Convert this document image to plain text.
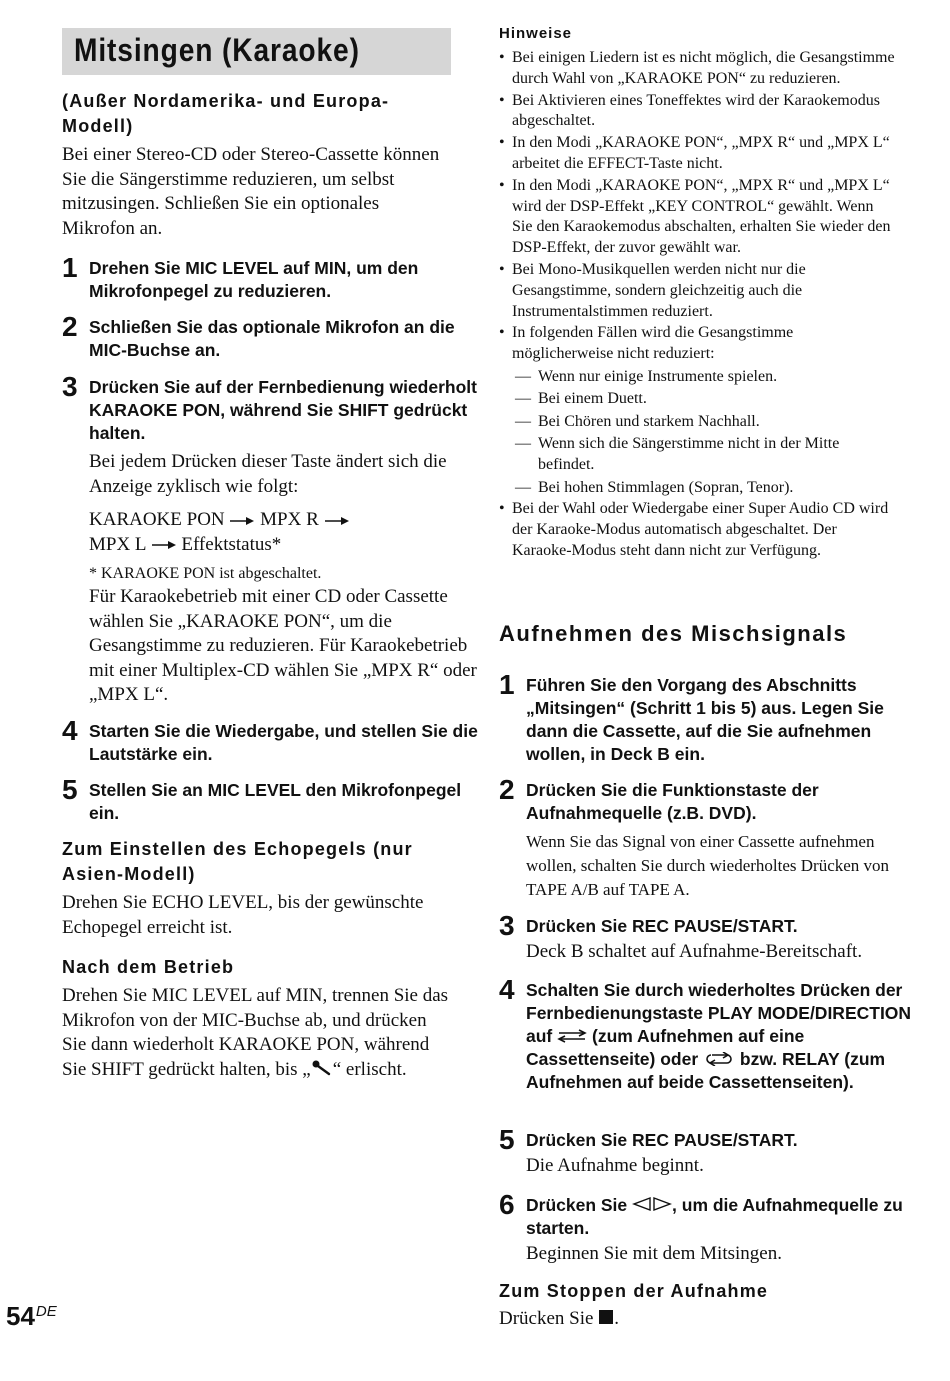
Mitsingen (Karaoke)

(Außer Nordamerika- und Europa-Modell)

Bei einer Stereo-CD oder Stereo-Cassette können Sie die Sängerstimme reduzieren, um selbst mitzusingen. Schließen Sie ein optionales Mikrofon an.

1 Drehen Sie MIC LEVEL auf MIN, um den Mikrofonpegel zu reduzieren.

2 Schließen Sie das optionale Mikrofon an die MIC-Buchse an.

3 Drücken Sie auf der Fernbedienung wiederholt KARAOKE PON, während Sie SHIFT gedrückt halten.

Bei jedem Drücken dieser Taste ändert sich die Anzeige zyklisch wie folgt:

KARAOKE PON MPX R
MPX L Effektstatus*

* KARAOKE PON ist abgeschaltet.

Für Karaokebetrieb mit einer CD oder Cassette wählen Sie „KARAOKE PON“, um die Gesangstimme zu reduzieren. Für Karaokebetrieb mit einer Multiplex-CD wählen Sie „MPX R“ oder „MPX L“.

4 Starten Sie die Wiedergabe, und stellen Sie die Lautstärke ein.

5 Stellen Sie an MIC LEVEL den Mikrofonpegel ein.

Zum Einstellen des Echopegels (nur Asien-Modell)

Drehen Sie ECHO LEVEL, bis der gewünschte Echopegel erreicht ist.

Nach dem Betrieb

Drehen Sie MIC LEVEL auf MIN, trennen Sie das Mikrofon von der MIC-Buchse ab, und drücken Sie dann wiederholt KARAOKE PON, während Sie SHIFT gedrückt halten, bis „ “ erlischt.

Hinweise

• Bei einigen Liedern ist es nicht möglich, die Gesangstimme durch Wahl von „KARAOKE PON“ zu reduzieren.
• Bei Aktivieren eines Toneffektes wird der Karaokemodus abgeschaltet.
• In den Modi „KARAOKE PON“, „MPX R“ und „MPX L“ arbeitet die EFFECT-Taste nicht.
• In den Modi „KARAOKE PON“, „MPX R“ und „MPX L“ wird der DSP-Effekt „KEY CONTROL“ gewählt. Wenn Sie den Karaokemodus abschalten, erhalten Sie wieder den DSP-Effekt, der zuvor gewählt war.
• Bei Mono-Musikquellen werden nicht nur die Gesangstimme, sondern gleichzeitig auch die Instrumentalstimmen reduziert.
• In folgenden Fällen wird die Gesangstimme möglicherweise nicht reduziert:
— Wenn nur einige Instrumente spielen.
— Bei einem Duett.
— Bei Chören und starkem Nachhall.
— Wenn sich die Sängerstimme nicht in der Mitte befindet.
— Bei hohen Stimmlagen (Sopran, Tenor).
• Bei der Wahl oder Wiedergabe einer Super Audio CD wird der Karaoke-Modus automatisch abgeschaltet. Der Karaoke-Modus steht dann nicht zur Verfügung.

Aufnehmen des Mischsignals

1 Führen Sie den Vorgang des Abschnitts „Mitsingen“ (Schritt 1 bis 5) aus. Legen Sie dann die Cassette, auf die Sie aufnehmen wollen, in Deck B ein.

2 Drücken Sie die Funktionstaste der Aufnahmequelle (z.B. DVD).

Wenn Sie das Signal von einer Cassette aufnehmen wollen, schalten Sie durch wiederholtes Drücken von TAPE A/B auf TAPE A.

3 Drücken Sie REC PAUSE/START.

Deck B schaltet auf Aufnahme-Bereitschaft.

4 Schalten Sie durch wiederholtes Drücken der Fernbedienungstaste PLAY MODE/DIRECTION auf  (zum Aufnehmen auf eine Cassettenseite) oder  bzw. RELAY (zum Aufnehmen auf beide Cassettenseiten).

5 Drücken Sie REC PAUSE/START.

Die Aufnahme beginnt.

6 Drücken Sie , um die Aufnahmequelle zu starten.

Beginnen Sie mit dem Mitsingen.

Zum Stoppen der Aufnahme

Drücken Sie .

54DE
